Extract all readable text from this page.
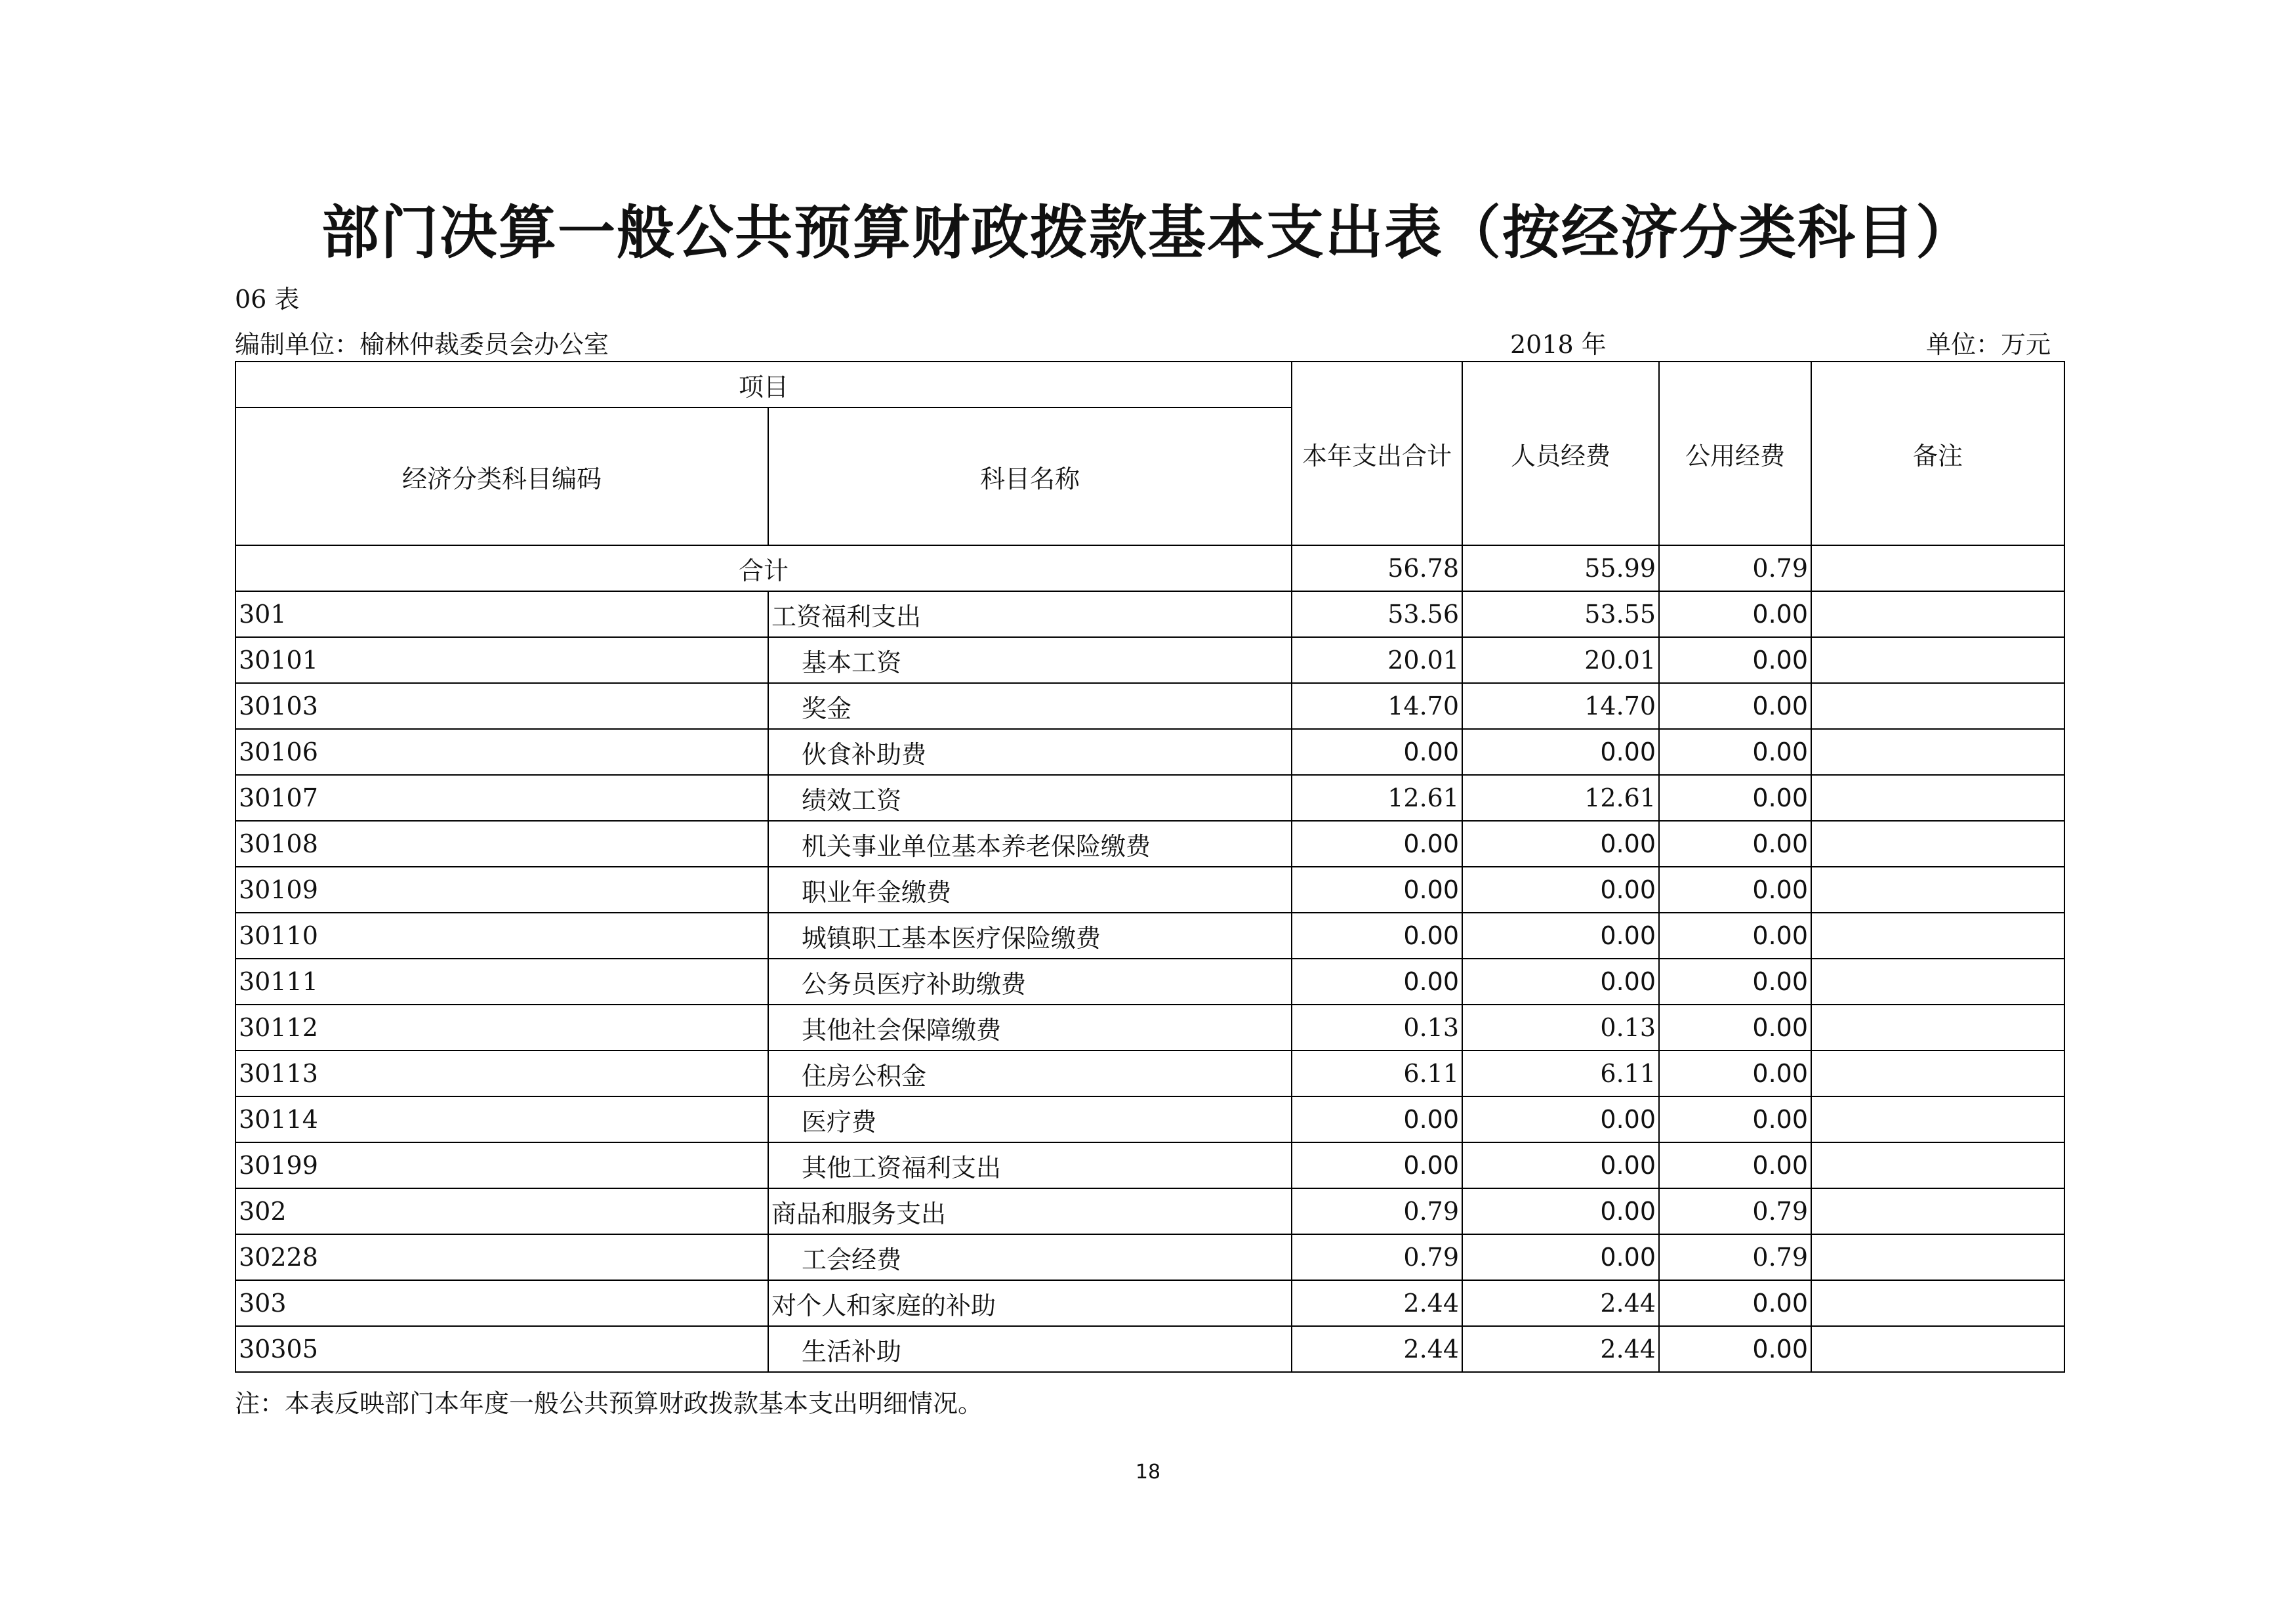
部门决算一般公共预算财政拨款基本支出表（按经济分类科目）
06 表
编制单位：榆林仲裁委员会办公室	2018 年	单位：万元
项目		本年支出合计	人员经费	公用经费	备注
经济分类科目编码	科目名称				
合计		56.78	55.99	0.79	
301	工资福利支出	53.56	53.55	0.00	
30101	基本工资	20.01	20.01	0.00	
30103	奖金	14.70	14.70	0.00	
30106	伙食补助费	0.00	0.00	0.00	
30107	绩效工资	12.61	12.61	0.00	
30108	机关事业单位基本养老保险缴费	0.00	0.00	0.00	
30109	职业年金缴费	0.00	0.00	0.00	
30110	城镇职工基本医疗保险缴费	0.00	0.00	0.00	
30111	公务员医疗补助缴费	0.00	0.00	0.00	
30112	其他社会保障缴费	0.13	0.13	0.00	
30113	住房公积金	6.11	6.11	0.00	
30114	医疗费	0.00	0.00	0.00	
30199	其他工资福利支出	0.00	0.00	0.00	
302	商品和服务支出	0.79	0.00	0.79	
30228	工会经费	0.79	0.00	0.79	
303	对个人和家庭的补助	2.44	2.44	0.00	
30305	生活补助	2.44	2.44	0.00	
注：本表反映部门本年度一般公共预算财政拨款基本支出明细情况。
18
